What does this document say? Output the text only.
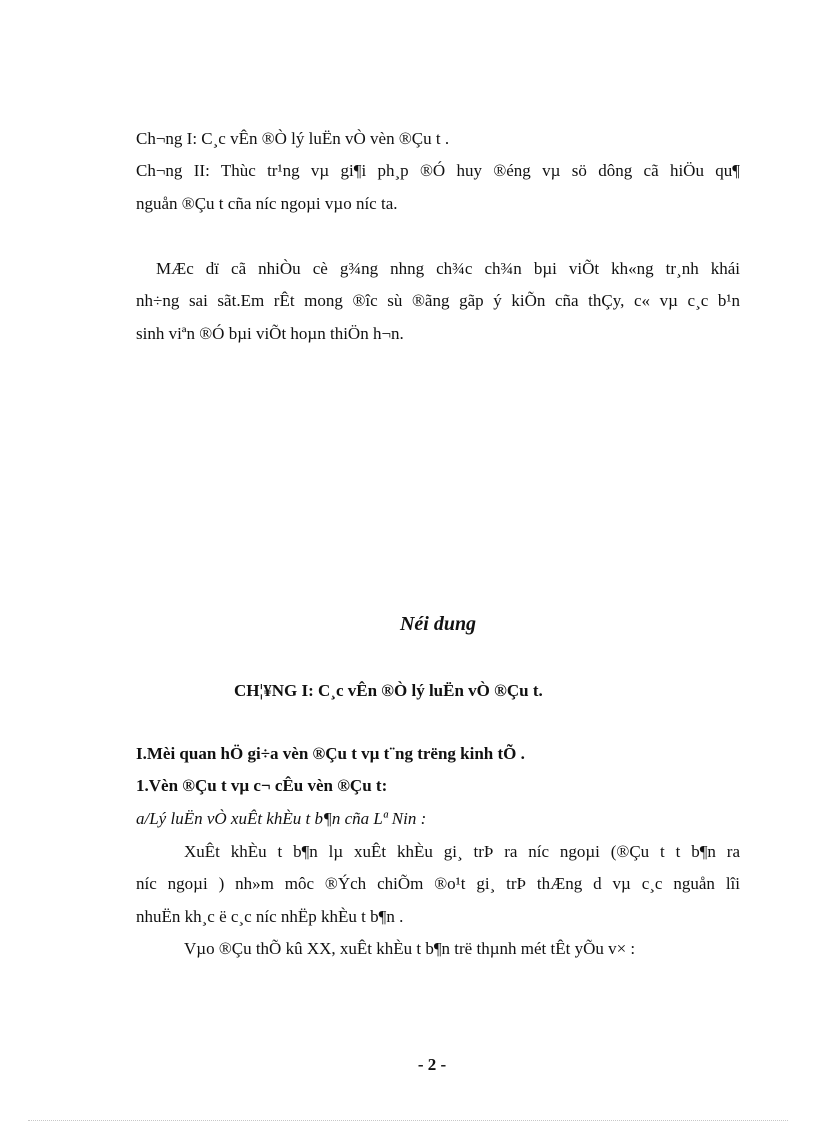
Ch¬ng I: C¸c vÊn ®Ò lý luËn vÒ vèn ®Çu t .
Ch¬ng II: Thùc tr¹ng vµ gi¶i ph¸p ®Ó huy ®éng vµ sö dông cã hiÖu qu¶
nguån ®Çu t cña níc ngoµi vµo níc ta.
MÆc dï cã nhiÒu cè g¾ng nhng ch¾c ch¾n bµi viÕt kh«ng tr¸nh khái
nh÷ng sai sãt.Em rÊt mong ®îc sù ®ãng gãp ý kiÕn cña thÇy, c« vµ c¸c b¹n
sinh viªn ®Ó bµi viÕt hoµn thiÖn h¬n.
Néi dung
CH¦¥NG I: C¸c vÊn ®Ò lý luËn vÒ ®Çu t.
I.Mèi quan hÖ gi÷a vèn ®Çu t vµ t¨ng trëng kinh tÕ .
1.Vèn ®Çu t vµ c¬ cÊu vèn ®Çu t:
a/Lý luËn vÒ xuÊt khÈu t b¶n cña Lª Nin :
XuÊt khÈu t b¶n lµ xuÊt khÈu gi¸ trÞ ra níc ngoµi (®Çu t t b¶n ra
níc ngoµi ) nh»m môc ®Ých chiÕm ®o¹t gi¸ trÞ thÆng d vµ c¸c nguån lîi
nhuËn kh¸c ë c¸c níc nhËp khÈu t b¶n .
Vµo ®Çu thÕ kû XX, xuÊt khÈu t b¶n trë thµnh mét tÊt yÕu v× :
- 2 -
